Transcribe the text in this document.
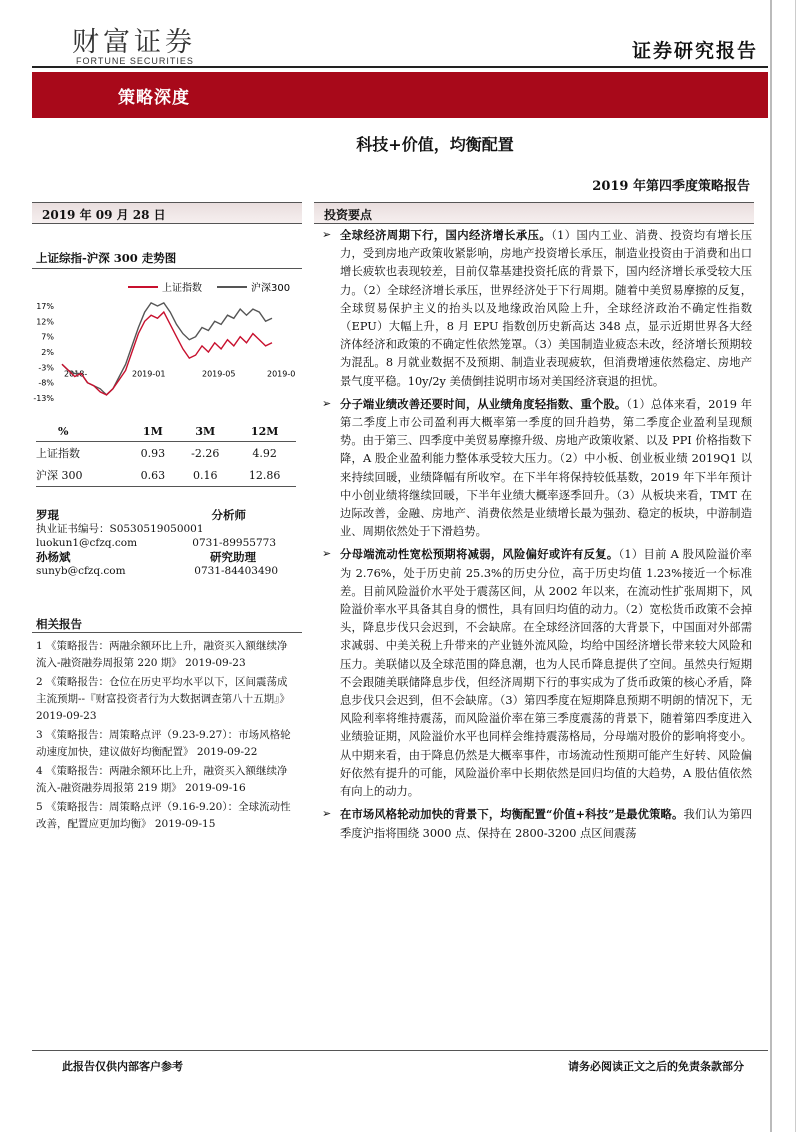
财富证券
FORTUNE SECURITIES	证券研究报告
策略深度
科技+价值，均衡配置
2019 年第四季度策略报告
2019 年 09 月 28 日	投资要点
上证综指-沪深 300 走势图
上证指数	沪深300
17%
12%
7%
2%
-3%
-8%
-13%
2018-	2019-01	2019-05	2019-0
%	1M	3M	12M
上证指数	0.93	-2.26	4.92
沪深 300	0.63	0.16	12.86
罗琨	分析师
执业证书编号：S0530519050001
luokun1@cfzq.com	0731-89955773
孙杨斌	研究助理
sunyb@cfzq.com	0731-84403490
相关报告
1 《策略报告：两融余额环比上升，融资买入额继续净流入-融资融券周报第 220 期》 2019-09-23
2 《策略报告：仓位在历史平均水平以下，区间震荡成主流预期--『财富投资者行为大数据调查第八十五期』》 2019-09-23
3 《策略报告：周策略点评（9.23-9.27）：市场风格轮动速度加快，建议做好均衡配置》 2019-09-22
4 《策略报告：两融余额环比上升，融资买入额继续净流入-融资融券周报第 219 期》 2019-09-16
5 《策略报告：周策略点评（9.16-9.20）：全球流动性改善，配置应更加均衡》 2019-09-15
➢ 全球经济周期下行，国内经济增长承压。（1）国内工业、消费、投资均有增长压力，受到房地产政策收紧影响，房地产投资增长承压，制造业投资由于消费和出口增长疲软也表现较差，目前仅靠基建投资托底的背景下，国内经济增长承受较大压力。（2）全球经济增长承压，世界经济处于下行周期。随着中美贸易摩擦的反复，全球贸易保护主义的抬头以及地缘政治风险上升，全球经济政治不确定性指数（EPU）大幅上升，8 月 EPU 指数创历史新高达 348 点，显示近期世界各大经济体经济和政策的不确定性依然笼罩。（3）美国制造业疲态未改，经济增长预期较为混乱。8 月就业数据不及预期、制造业表现疲软，但消费增速依然稳定、房地产景气度平稳。10y/2y 美债倒挂说明市场对美国经济衰退的担忧。
➢ 分子端业绩改善还要时间，从业绩角度轻指数、重个股。（1）总体来看，2019 年第二季度上市公司盈利再大概率第一季度的回升趋势，第二季度企业盈利呈现颓势。由于第三、四季度中美贸易摩擦升级、房地产政策收紧、以及 PPI 价格指数下降，A 股企业盈利能力整体承受较大压力。（2）中小板、创业板业绩 2019Q1 以来持续回暖，业绩降幅有所收窄。在下半年将保持较低基数，2019 年下半年预计中小创业绩将继续回暖，下半年业绩大概率逐季回升。（3）从板块来看，TMT 在边际改善，金融、房地产、消费依然是业绩增长最为强劲、稳定的板块，中游制造业、周期依然处于下滑趋势。
➢ 分母端流动性宽松预期将减弱，风险偏好或许有反复。（1）目前 A 股风险溢价率为 2.76%，处于历史前 25.3%的历史分位，高于历史均值 1.23%接近一个标准差。目前风险溢价水平处于震荡区间，从 2002 年以来，在流动性扩张周期下，风险溢价率水平具备其自身的惯性，具有回归均值的动力。（2）宽松货币政策不会掉头，降息步伐只会迟到，不会缺席。在全球经济回落的大背景下，中国面对外部需求减弱、中美关税上升带来的产业链外流风险，均给中国经济增长带来较大风险和压力。美联储以及全球范围的降息潮，也为人民币降息提供了空间。虽然央行短期不会跟随美联储降息步伐，但经济周期下行的事实成为了货币政策的核心矛盾，降息步伐只会迟到，但不会缺席。（3）第四季度在短期降息预期不明朗的情况下，无风险利率将维持震荡，而风险溢价率在第三季度震荡的背景下，随着第四季度进入业绩验证期，风险溢价水平也同样会维持震荡格局，分母端对股价的影响将变小。从中期来看，由于降息仍然是大概率事件，市场流动性预期可能产生好转、风险偏好依然有提升的可能，风险溢价率中长期依然是回归均值的大趋势，A 股估值依然有向上的动力。
➢ 在市场风格轮动加快的背景下，均衡配置“价值+科技”是最优策略。我们认为第四季度沪指将围绕 3000 点、保持在 2800-3200 点区间震荡
此报告仅供内部客户参考	请务必阅读正文之后的免责条款部分
